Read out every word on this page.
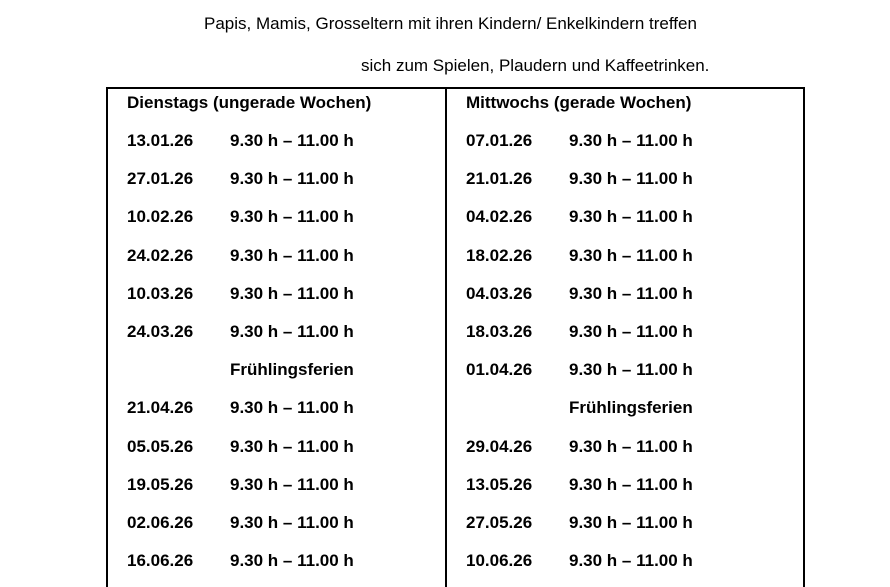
Papis, Mamis, Grosseltern mit ihren Kindern/ Enkelkindern treffen
sich zum Spielen, Plaudern und Kaffeetrinken.
Dienstags (ungerade Wochen)
13.01.26 9.30 h – 11.00 h
27.01.26 9.30 h – 11.00 h
10.02.26 9.30 h – 11.00 h
24.02.26 9.30 h – 11.00 h
10.03.26 9.30 h – 11.00 h
24.03.26 9.30 h – 11.00 h
Frühlingsferien
21.04.26 9.30 h – 11.00 h
05.05.26 9.30 h – 11.00 h
19.05.26 9.30 h – 11.00 h
02.06.26 9.30 h – 11.00 h
16.06.26 9.30 h – 11.00 h
Mittwochs (gerade Wochen)
07.01.26 9.30 h – 11.00 h
21.01.26 9.30 h – 11.00 h
04.02.26 9.30 h – 11.00 h
18.02.26 9.30 h – 11.00 h
04.03.26 9.30 h – 11.00 h
18.03.26 9.30 h – 11.00 h
01.04.26 9.30 h – 11.00 h
Frühlingsferien
29.04.26 9.30 h – 11.00 h
13.05.26 9.30 h – 11.00 h
27.05.26 9.30 h – 11.00 h
10.06.26 9.30 h – 11.00 h
